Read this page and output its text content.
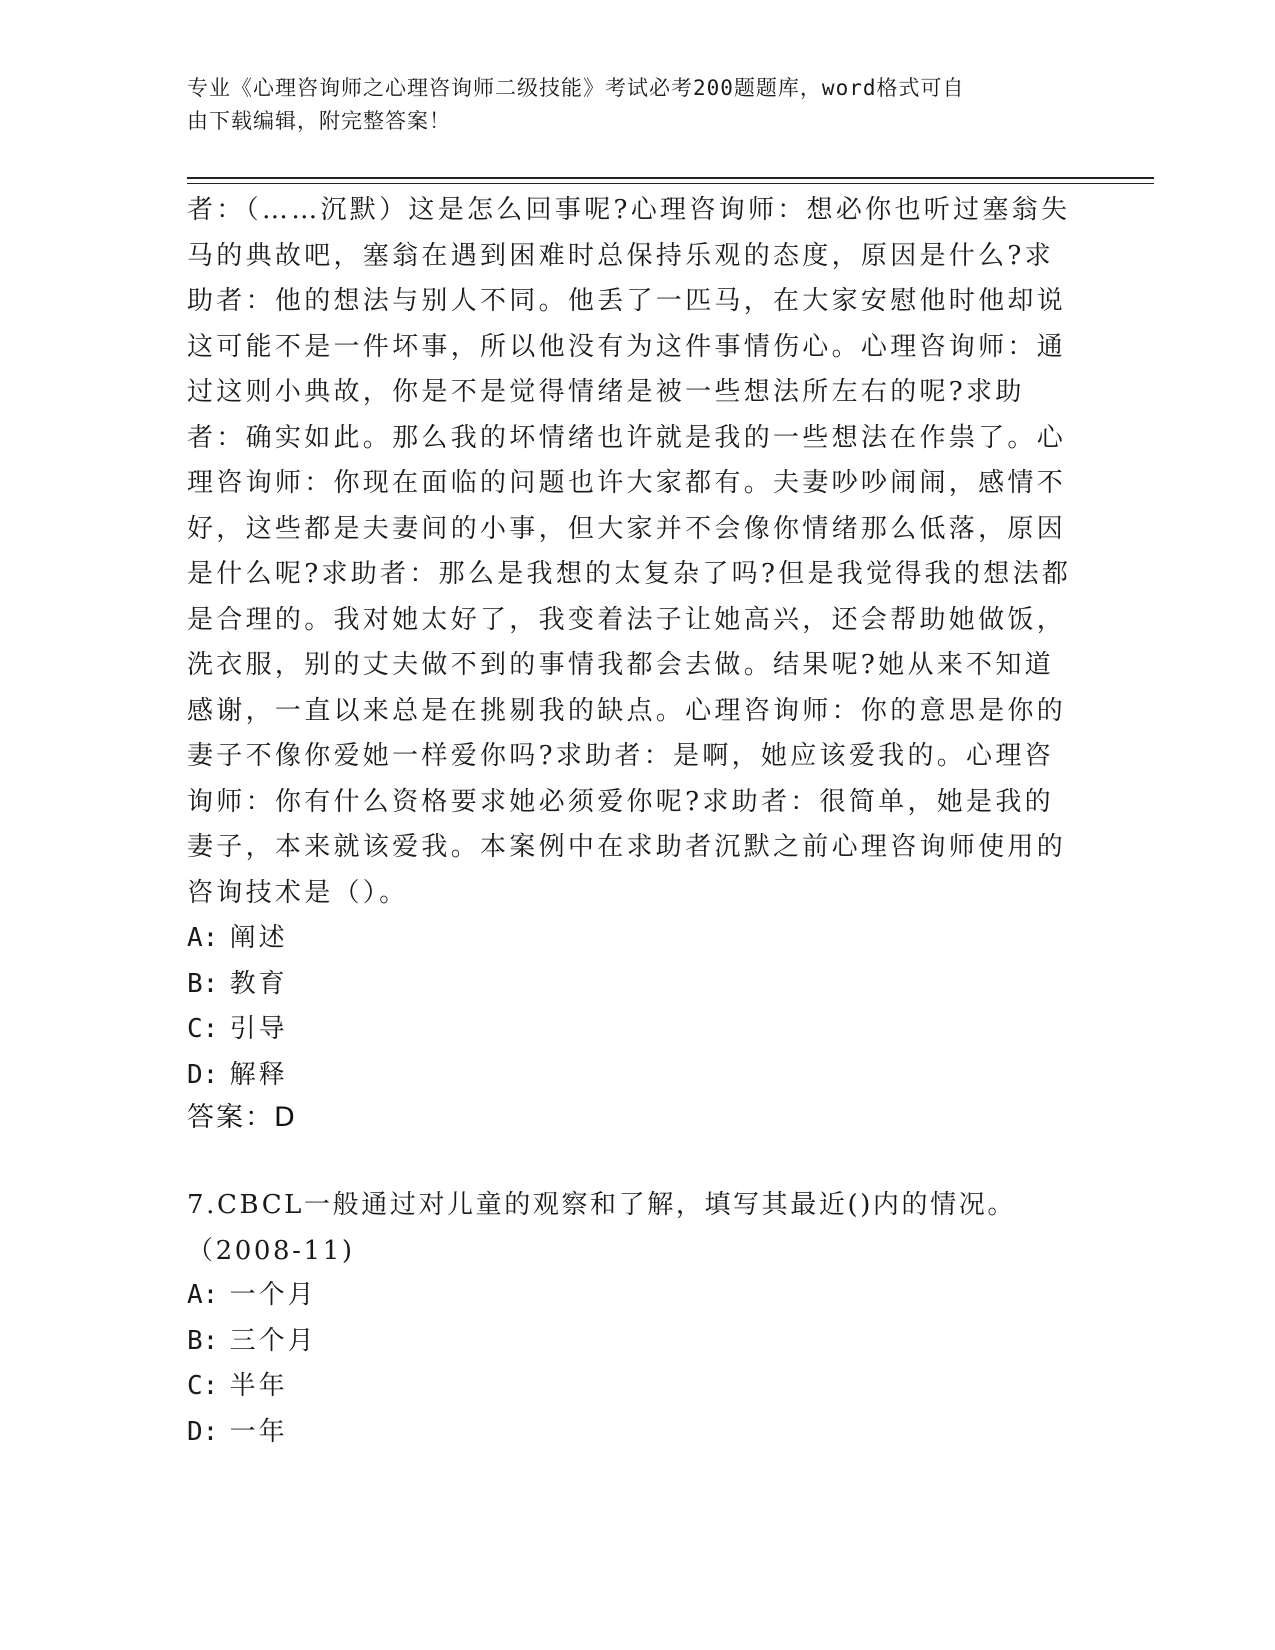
专业《心理咨询师之心理咨询师二级技能》考试必考200题题库，word格式可自
由下载编辑，附完整答案！
者：（……沉默）这是怎么回事呢?心理咨询师：想必你也听过塞翁失马的典故吧，塞翁在遇到困难时总保持乐观的态度，原因是什么?求助者：他的想法与别人不同。他丢了一匹马，在大家安慰他时他却说这可能不是一件坏事，所以他没有为这件事情伤心。心理咨询师：通过这则小典故，你是不是觉得情绪是被一些想法所左右的呢?求助者：确实如此。那么我的坏情绪也许就是我的一些想法在作祟了。心理咨询师：你现在面临的问题也许大家都有。夫妻吵吵闹闹，感情不好，这些都是夫妻间的小事，但大家并不会像你情绪那么低落，原因是什么呢?求助者：那么是我想的太复杂了吗?但是我觉得我的想法都是合理的。我对她太好了，我变着法子让她高兴，还会帮助她做饭，洗衣服，别的丈夫做不到的事情我都会去做。结果呢?她从来不知道感谢，一直以来总是在挑剔我的缺点。心理咨询师：你的意思是你的妻子不像你爱她一样爱你吗?求助者：是啊，她应该爱我的。心理咨询师：你有什么资格要求她必须爱你呢?求助者：很简单，她是我的妻子，本来就该爱我。本案例中在求助者沉默之前心理咨询师使用的咨询技术是（）。
A: 阐述
B: 教育
C: 引导
D: 解释
答案：D
7.CBCL一般通过对儿童的观察和了解，填写其最近()内的情况。（2008-11)
A: 一个月
B: 三个月
C: 半年
D: 一年
